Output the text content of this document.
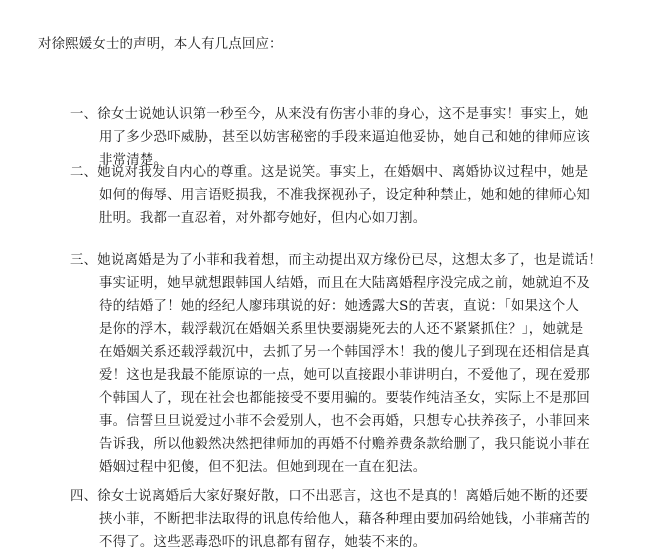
对徐熙媛女士的声明，本人有几点回应：
一、徐女士说她认识第一秒至今，从来没有伤害小菲的身心，这不是事实！事实上，她
用了多少恐吓威胁，甚至以妨害秘密的手段来逼迫他妥协，她自己和她的律师应该
非常清楚。
二、她说对我发自内心的尊重。这是说笑。事实上，在婚姻中、离婚协议过程中，她是
如何的侮辱、用言语贬损我，不准我探视孙子，设定种种禁止，她和她的律师心知
肚明。我都一直忍着，对外都夸她好，但内心如刀割。
三、她说离婚是为了小菲和我着想，而主动提出双方缘份已尽，这想太多了，也是谎话！
事实证明，她早就想跟韩国人结婚，而且在大陆离婚程序没完成之前，她就迫不及
待的结婚了！她的经纪人廖玮琪说的好：她透露大S的苦衷，直说：「如果这个人
是你的浮木，载浮载沉在婚姻关系里快要溺毙死去的人还不紧紧抓住？」，她就是
在婚姻关系还载浮载沉中，去抓了另一个韩国浮木！我的傻儿子到现在还相信是真
爱！这也是我最不能原谅的一点，她可以直接跟小菲讲明白，不爱他了，现在爱那
个韩国人了，现在社会也都能接受不要用骗的。要装作纯洁圣女，实际上不是那回
事。信誓旦旦说爱过小菲不会爱别人，也不会再婚，只想专心扶养孩子，小菲回来
告诉我，所以他毅然决然把律师加的再婚不付赡养费条款给删了，我只能说小菲在
婚姻过程中犯傻，但不犯法。但她到现在一直在犯法。
四、徐女士说离婚后大家好聚好散，口不出恶言，这也不是真的！离婚后她不断的还要
挟小菲，不断把非法取得的讯息传给他人，藉各种理由要加码给她钱，小菲痛苦的
不得了。这些恶毒恐吓的讯息都有留存，她装不来的。
